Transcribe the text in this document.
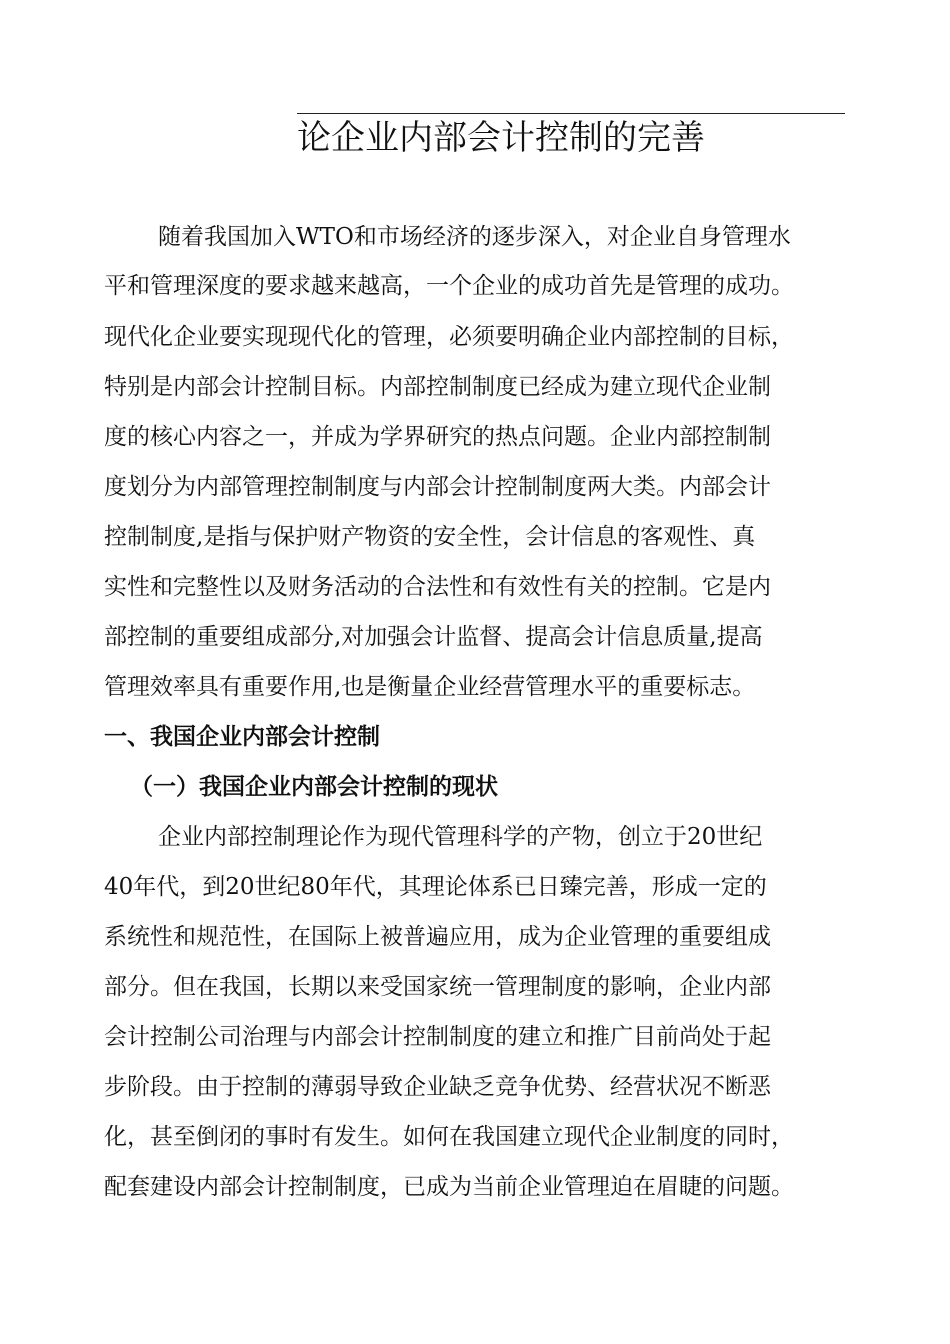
论企业内部会计控制的完善
随着我国加入WTO和市场经济的逐步深入，对企业自身管理水
平和管理深度的要求越来越高，一个企业的成功首先是管理的成功。
现代化企业要实现现代化的管理，必须要明确企业内部控制的目标，
特别是内部会计控制目标。内部控制制度已经成为建立现代企业制
度的核心内容之一，并成为学界研究的热点问题。企业内部控制制
度划分为内部管理控制制度与内部会计控制制度两大类。内部会计
控制制度,是指与保护财产物资的安全性，会计信息的客观性、真
实性和完整性以及财务活动的合法性和有效性有关的控制。它是内
部控制的重要组成部分,对加强会计监督、提高会计信息质量,提高
管理效率具有重要作用,也是衡量企业经营管理水平的重要标志。
一、我国企业内部会计控制
（一）我国企业内部会计控制的现状
企业内部控制理论作为现代管理科学的产物，创立于20世纪
40年代，到20世纪80年代，其理论体系已日臻完善，形成一定的
系统性和规范性，在国际上被普遍应用，成为企业管理的重要组成
部分。但在我国，长期以来受国家统一管理制度的影响，企业内部
会计控制公司治理与内部会计控制制度的建立和推广目前尚处于起
步阶段。由于控制的薄弱导致企业缺乏竞争优势、经营状况不断恶
化，甚至倒闭的事时有发生。如何在我国建立现代企业制度的同时，
配套建设内部会计控制制度，已成为当前企业管理迫在眉睫的问题。
